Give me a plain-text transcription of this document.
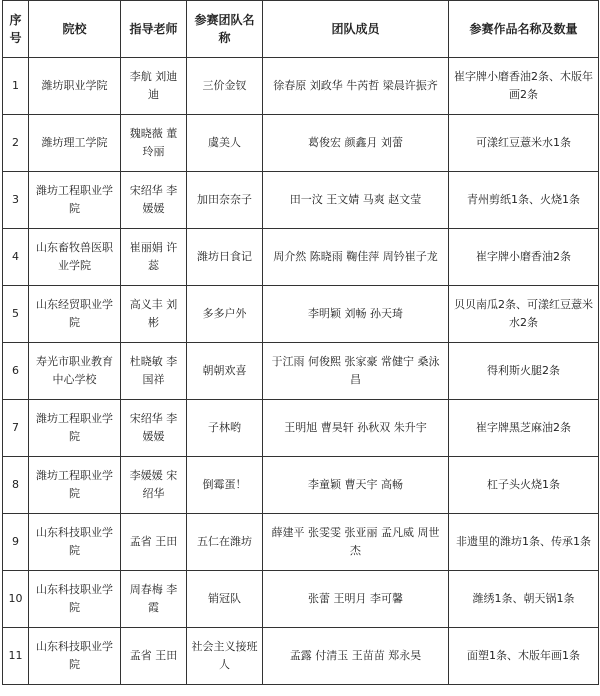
序号	院校	指导老师	参赛团队名称	团队成员	参赛作品名称及数量
1	潍坊职业学院	李航 刘迪迪	三价金钗	徐春原 刘政华 牛芮哲 梁晨许振齐	崔字牌小磨香油2条、木版年画2条
2	潍坊理工学院	魏晓薇 董玲丽	虞美人	葛俊宏 颜鑫月 刘蕾	可漾红豆薏米水1条
3	潍坊工程职业学院	宋绍华 李媛媛	加田奈奈子	田一汶 王文婧 马爽 赵文莹	青州剪纸1条、火烧1条
4	山东畜牧兽医职业学院	崔丽娟 许蕊	潍坊日食记	周介然 陈晓雨 鞠佳萍 周钤崔子龙	崔字牌小磨香油2条
5	山东经贸职业学院	高义丰 刘彬	多多户外	李明颖 刘畅 孙天琦	贝贝南瓜2条、可漾红豆薏米水2条
6	寿光市职业教育中心学校	杜晓敏 李国祥	朝朝欢喜	于江雨 何俊熙 张家豪 常健宁 桑泳昌	得利斯火腿2条
7	潍坊工程职业学院	宋绍华 李媛媛	子林哟	王明旭 曹昊轩 孙秋双 朱升宇	崔字牌黑芝麻油2条
8	潍坊工程职业学院	李媛媛 宋绍华	倒霉蛋！	李童颖 曹天宇 高畅	杠子头火烧1条
9	山东科技职业学院	孟省 王田	五仁在潍坊	薛建平 张雯雯 张亚丽 孟凡威 周世杰	非遗里的潍坊1条、传承1条
10	山东科技职业学院	周春梅 李霞	销冠队	张蕾 王明月 李可馨	潍绣1条、朝天锅1条
11	山东科技职业学院	孟省 王田	社会主义接班人	孟露 付清玉 王苗苗 郑永昊	面塑1条、木版年画1条
